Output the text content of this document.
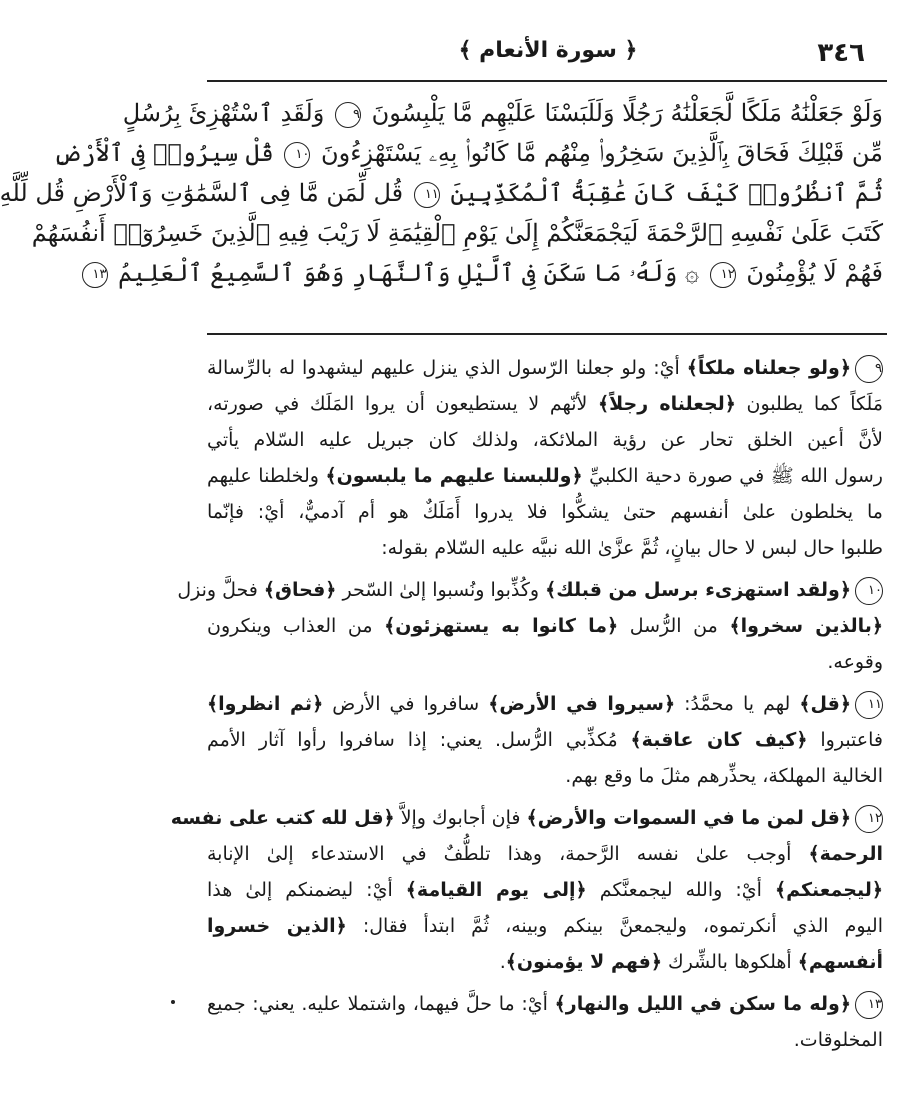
٣٤٦
﴿ سورة الأنعام ﴾
وَلَوْ جَعَلْنَٰهُ مَلَكًا لَّجَعَلْنَٰهُ رَجُلًا وَلَلَبَسْنَا عَلَيْهِم مَّا يَلْبِسُونَ ٩ وَلَقَدِ ٱسْتُهْزِئَ بِرُسُلٍ
مِّن قَبْلِكَ فَحَاقَ بِٱلَّذِينَ سَخِرُوا۟ مِنْهُم مَّا كَانُوا۟ بِهِۦ يَسْتَهْزِءُونَ ١٠ قُلْ سِيرُوا۟ فِى ٱلْأَرْضِ
ثُمَّ ٱنظُرُوا۟ كَيْفَ كَانَ عَٰقِبَةُ ٱلْمُكَذِّبِينَ ١١ قُل لِّمَن مَّا فِى ٱلسَّمَٰوَٰتِ وَٱلْأَرْضِ قُل لِّلَّهِ
كَتَبَ عَلَىٰ نَفْسِهِ ٱلرَّحْمَةَ لَيَجْمَعَنَّكُمْ إِلَىٰ يَوْمِ ٱلْقِيَٰمَةِ لَا رَيْبَ فِيهِ ٱلَّذِينَ خَسِرُوٓا۟ أَنفُسَهُمْ
فَهُمْ لَا يُؤْمِنُونَ ١٢ ۞ وَلَهُۥ مَا سَكَنَ فِى ٱلَّيْلِ وَٱلنَّهَارِ وَهُوَ ٱلسَّمِيعُ ٱلْعَلِيمُ ١٣
٩﴿ولو جعلناه ملكاً﴾ أيْ: ولو جعلنا الرّسول الذي ينزل عليهم ليشهدوا له بالرِّسالة
مَلَكاً كما يطلبون ﴿لجعلناه رجلاً﴾ لأنّهم لا يستطيعون أن يروا المَلَك في صورته،
لأنَّ أعين الخلق تحار عن رؤية الملائكة، ولذلك كان جبريل عليه السّلام يأتي
رسول الله ﷺ في صورة دحية الكلبيِّ ﴿وللبسنا عليهم ما يلبسون﴾ ولخلطنا عليهم
ما يخلطون علىٰ أنفسهم حتىٰ يشكُّوا فلا يدروا أَمَلَكٌ هو أم آدميٌّ، أيْ: فإنّما
طلبوا حال لبس لا حال بيانٍ، ثُمَّ عزَّىٰ الله نبيَّه عليه السّلام بقوله:
١٠﴿ولقد استهزىء برسل من قبلك﴾ وكُذِّبوا ونُسبوا إلىٰ السّحر ﴿فحاق﴾ فحلَّ ونزل
﴿بالذين سخروا﴾ من الرُّسل ﴿ما كانوا به يستهزئون﴾ من العذاب وينكرون
وقوعه.
١١﴿قل﴾ لهم يا محمَّدُ: ﴿سيروا في الأرض﴾ سافروا في الأرض ﴿ثم انظروا﴾
فاعتبروا ﴿كيف كان عاقبة﴾ مُكذِّبي الرُّسل. يعني: إذا سافروا رأوا آثار الأمم
الخالية المهلكة، يحذِّرهم مثلَ ما وقع بهم.
١٢﴿قل لمن ما في السموات والأرض﴾ فإن أجابوك وإلاَّ ﴿قل لله كتب على نفسه
الرحمة﴾ أوجب علىٰ نفسه الرَّحمة، وهذا تلطُّفٌ في الاستدعاء إلىٰ الإنابة
﴿ليجمعنكم﴾ أيْ: والله ليجمعنَّكم ﴿إلى يوم القيامة﴾ أيْ: ليضمنكم إلىٰ هذا
اليوم الذي أنكرتموه، وليجمعنَّ بينكم وبينه، ثُمَّ ابتدأ فقال: ﴿الذين خسروا
أنفسهم﴾ أهلكوها بالشِّرك ﴿فهم لا يؤمنون﴾.
١٣﴿وله ما سكن في الليل والنهار﴾ أيْ: ما حلَّ فيهما، واشتملا عليه. يعني: جميع
المخلوقات.
